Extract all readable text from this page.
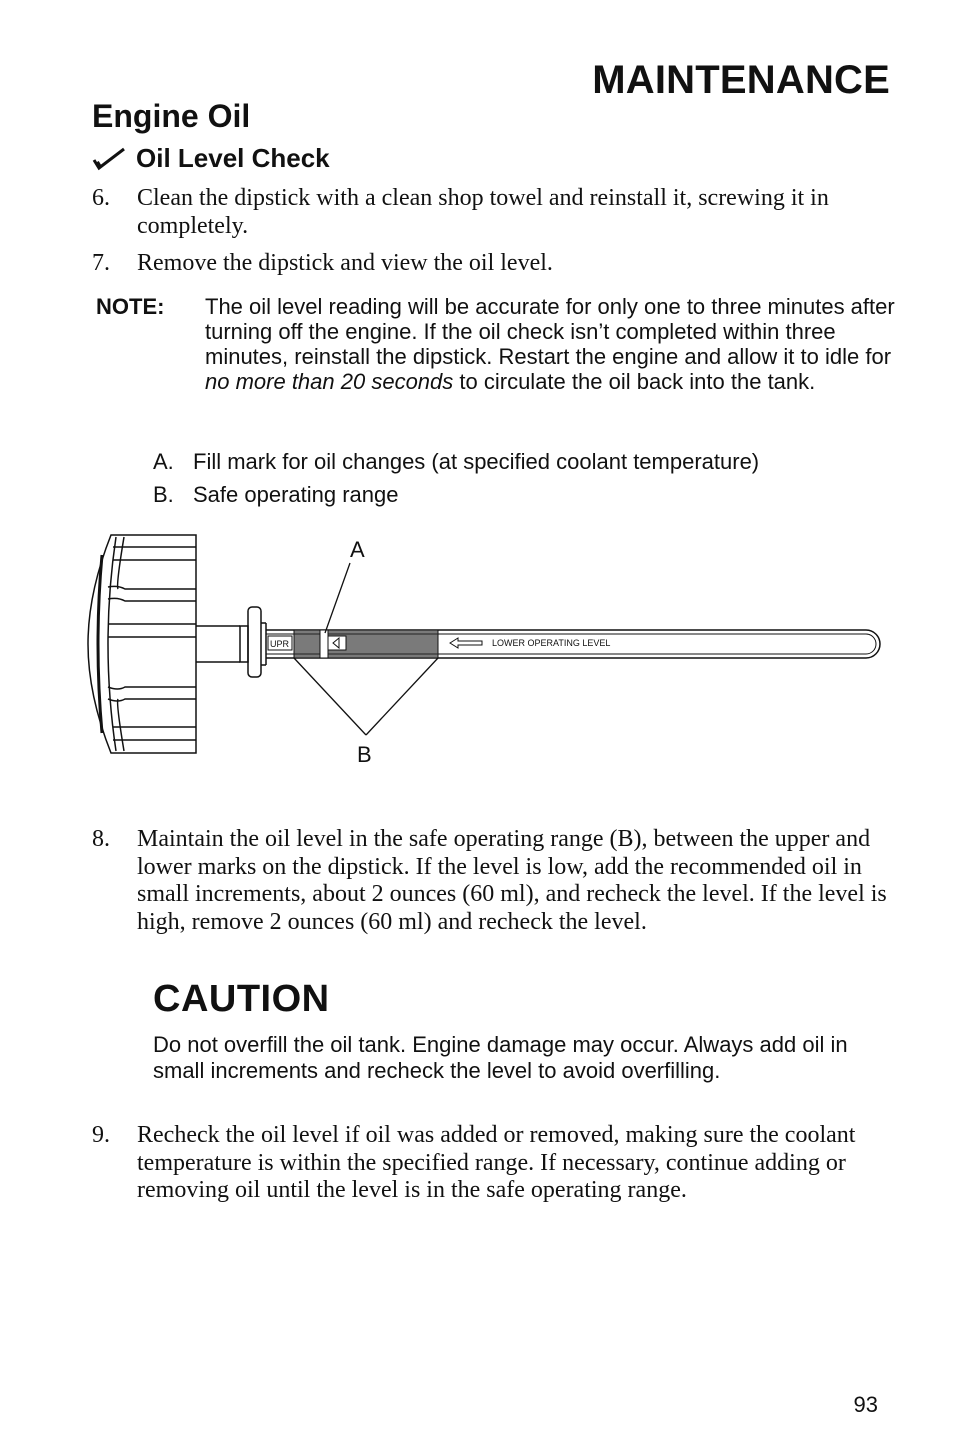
MAINTENANCE
Engine Oil
Oil Level Check
6.	Clean the dipstick with a clean shop towel and reinstall it, screwing it in completely.
7.	Remove the dipstick and view the oil level.
NOTE:	The oil level reading will be accurate for only one to three minutes after turning off the engine. If the oil check isn’t completed within three minutes, reinstall the dipstick. Restart the engine and allow it to idle for no more than 20 seconds to circulate the oil back into the tank.
A. Fill mark for oil changes (at specified coolant temperature)
B. Safe operating range
UPR	LOWER OPERATING LEVEL
A
B
8.	Maintain the oil level in the safe operating range (B), between the upper and lower marks on the dipstick. If the level is low, add the recommended oil in small increments, about 2 ounces (60 ml), and recheck the level. If the level is high, remove 2 ounces (60 ml) and recheck the level.
CAUTION
Do not overfill the oil tank. Engine damage may occur. Always add oil in small increments and recheck the level to avoid overfilling.
9.	Recheck the oil level if oil was added or removed, making sure the coolant temperature is within the specified range. If necessary, continue adding or removing oil until the level is in the safe operating range.
93
